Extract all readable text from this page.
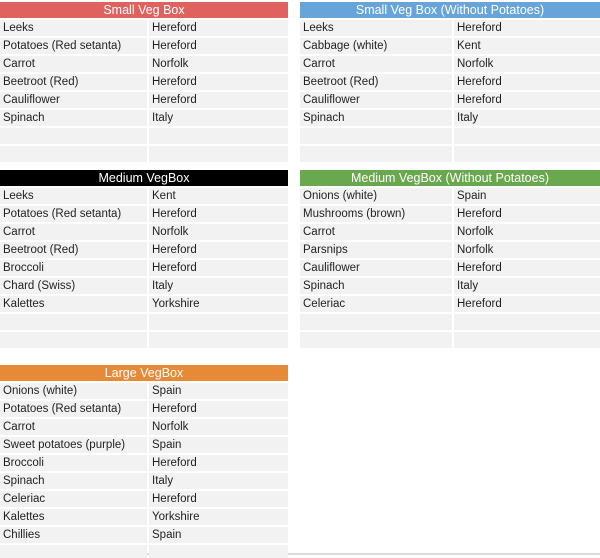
Small Veg Box
Leeks	Hereford
Potatoes (Red setanta)	Hereford
Carrot	Norfolk
Beetroot (Red)	Hereford
Cauliflower	Hereford
Spinach	Italy
Small Veg Box (Without Potatoes)
Leeks	Hereford
Cabbage (white)	Kent
Carrot	Norfolk
Beetroot (Red)	Hereford
Cauliflower	Hereford
Spinach	Italy
Medium VegBox
Leeks	Kent
Potatoes (Red setanta)	Hereford
Carrot	Norfolk
Beetroot (Red)	Hereford
Broccoli	Hereford
Chard (Swiss)	Italy
Kalettes	Yorkshire
Medium VegBox (Without Potatoes)
Onions (white)	Spain
Mushrooms (brown)	Hereford
Carrot	Norfolk
Parsnips	Norfolk
Cauliflower	Hereford
Spinach	Italy
Celeriac	Hereford
Large VegBox
Onions (white)	Spain
Potatoes (Red setanta)	Hereford
Carrot	Norfolk
Sweet potatoes (purple)	Spain
Broccoli	Hereford
Spinach	Italy
Celeriac	Hereford
Kalettes	Yorkshire
Chillies	Spain
